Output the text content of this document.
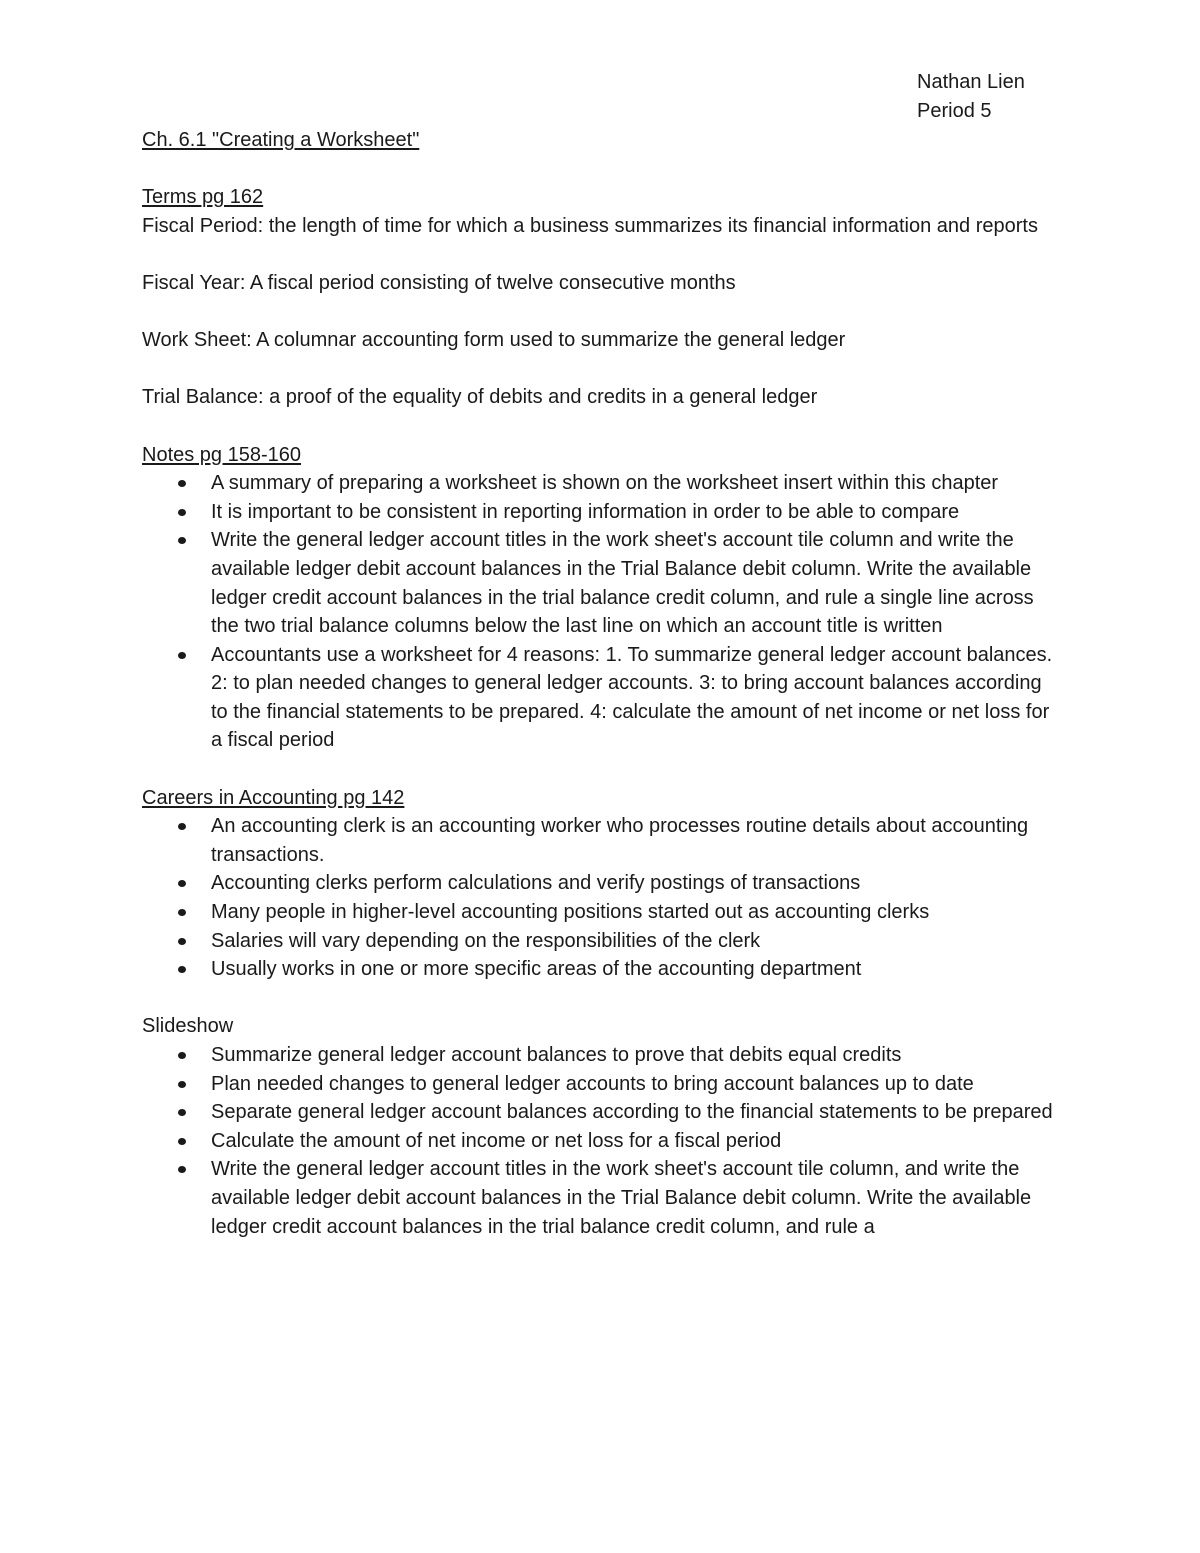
Nathan Lien
Period 5

Ch. 6.1 "Creating a Worksheet"

Terms pg 162

Fiscal Period: the length of time for which a business summarizes its financial information and reports

Fiscal Year: A fiscal period consisting of twelve consecutive months

Work Sheet: A columnar accounting form used to summarize the general ledger

Trial Balance: a proof of the equality of debits and credits in a general ledger

Notes pg 158-160

A summary of preparing a worksheet is shown on the worksheet insert within this chapter
It is important to be consistent in reporting information in order to be able to compare
Write the general ledger account titles in the work sheet's account tile column and write the available ledger debit account balances in the Trial Balance debit column. Write the available ledger credit account balances in the trial balance credit column, and rule a single line across the two trial balance columns below the last line on which an account title is written
Accountants use a worksheet for 4 reasons: 1. To summarize general ledger account balances. 2: to plan needed changes to general ledger accounts. 3: to bring account balances according to the financial statements to be prepared. 4: calculate the amount of net income or net loss for a fiscal period

Careers in Accounting pg 142

An accounting clerk is an accounting worker who processes routine details about accounting transactions.
Accounting clerks perform calculations and verify postings of transactions
Many people in higher-level accounting positions started out as accounting clerks
Salaries will vary depending on the responsibilities of the clerk
Usually works in one or more specific areas of the accounting department

Slideshow

Summarize general ledger account balances to prove that debits equal credits
Plan needed changes to general ledger accounts to bring account balances up to date
Separate general ledger account balances according to the financial statements to be prepared
Calculate the amount of net income or net loss for a fiscal period
Write the general ledger account titles in the work sheet's account tile column, and write the available ledger debit account balances in the Trial Balance debit column. Write the available ledger credit account balances in the trial balance credit column, and rule a
